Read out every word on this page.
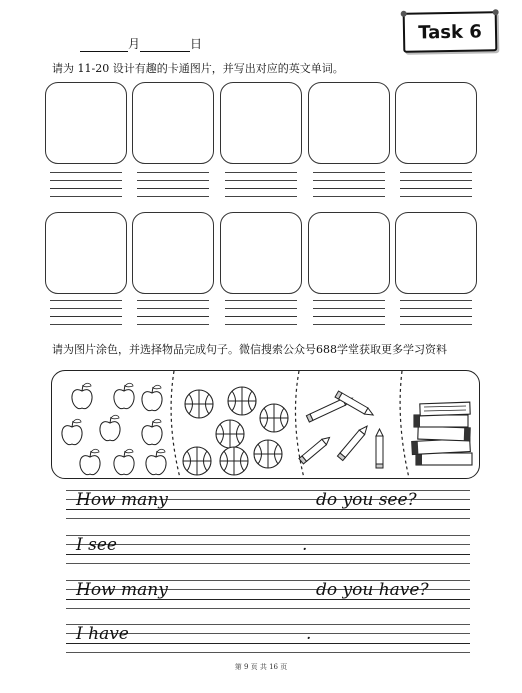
月	日
Task 6
请为 11-20 设计有趣的卡通图片，并写出对应的英文单词。
请为图片涂色，并选择物品完成句子。微信搜索公众号688学堂获取更多学习资料
How many	do you see?
I see	.
How many	do you have?
I have	.
第 9 页 共 16 页
